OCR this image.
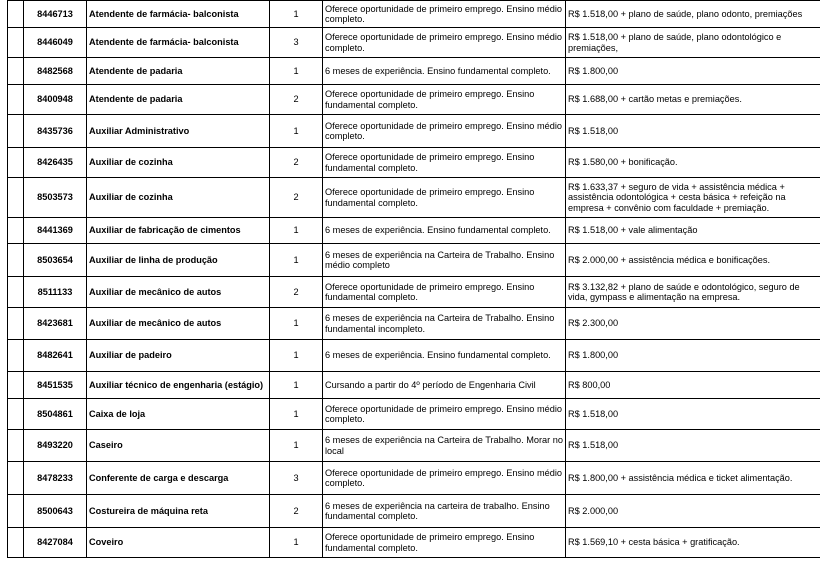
	8446713	Atendente de farmácia- balconista	1	Oferece oportunidade de primeiro emprego. Ensino médio completo.	R$ 1.518,00 + plano de saúde, plano odonto, premiações
	8446049	Atendente de farmácia- balconista	3	Oferece oportunidade de primeiro emprego. Ensino médio completo.	R$ 1.518,00 + plano de saúde, plano odontológico e premiações,
	8482568	Atendente de padaria	1	6 meses de experiência. Ensino fundamental completo.	R$ 1.800,00
	8400948	Atendente de padaria	2	Oferece oportunidade de primeiro emprego. Ensino fundamental completo.	R$ 1.688,00 + cartão metas e premiações.
	8435736	Auxiliar Administrativo	1	Oferece oportunidade de primeiro emprego. Ensino médio completo.	R$ 1.518,00
	8426435	Auxiliar de cozinha	2	Oferece oportunidade de primeiro emprego. Ensino fundamental completo.	R$ 1.580,00 + bonificação.
	8503573	Auxiliar de cozinha	2	Oferece oportunidade de primeiro emprego. Ensino fundamental completo.	R$ 1.633,37 + seguro de vida + assistência médica + assistência odontológica + cesta básica + refeição na empresa + convênio com faculdade + premiação.
	8441369	Auxiliar de fabricação de cimentos	1	6 meses de experiência. Ensino fundamental completo.	R$ 1.518,00 + vale alimentação
	8503654	Auxiliar de linha de produção	1	6 meses de experiência na Carteira de Trabalho. Ensino médio completo	R$ 2.000,00 + assistência médica e bonificações.
	8511133	Auxiliar de mecânico de autos	2	Oferece oportunidade de primeiro emprego. Ensino fundamental completo.	R$ 3.132,82 + plano de saúde e odontológico, seguro de vida, gympass e alimentação na empresa.
	8423681	Auxiliar de mecânico de autos	1	6 meses de experiência na Carteira de Trabalho. Ensino fundamental incompleto.	R$ 2.300,00
	8482641	Auxiliar de padeiro	1	6 meses de experiência. Ensino fundamental completo.	R$ 1.800,00
	8451535	Auxiliar técnico de engenharia (estágio)	1	Cursando a partir do 4º período de Engenharia Civil	R$ 800,00
	8504861	Caixa de loja	1	Oferece oportunidade de primeiro emprego. Ensino médio completo.	R$ 1.518,00
	8493220	Caseiro	1	6 meses de experiência na Carteira de Trabalho. Morar no local	R$ 1.518,00
	8478233	Conferente de carga e descarga	3	Oferece oportunidade de primeiro emprego. Ensino médio completo.	R$ 1.800,00 + assistência médica e ticket alimentação.
	8500643	Costureira de máquina reta	2	6 meses de experiência na carteira de trabalho. Ensino fundamental completo.	R$ 2.000,00
	8427084	Coveiro	1	Oferece oportunidade de primeiro emprego. Ensino fundamental completo.	R$ 1.569,10 + cesta básica + gratificação.
